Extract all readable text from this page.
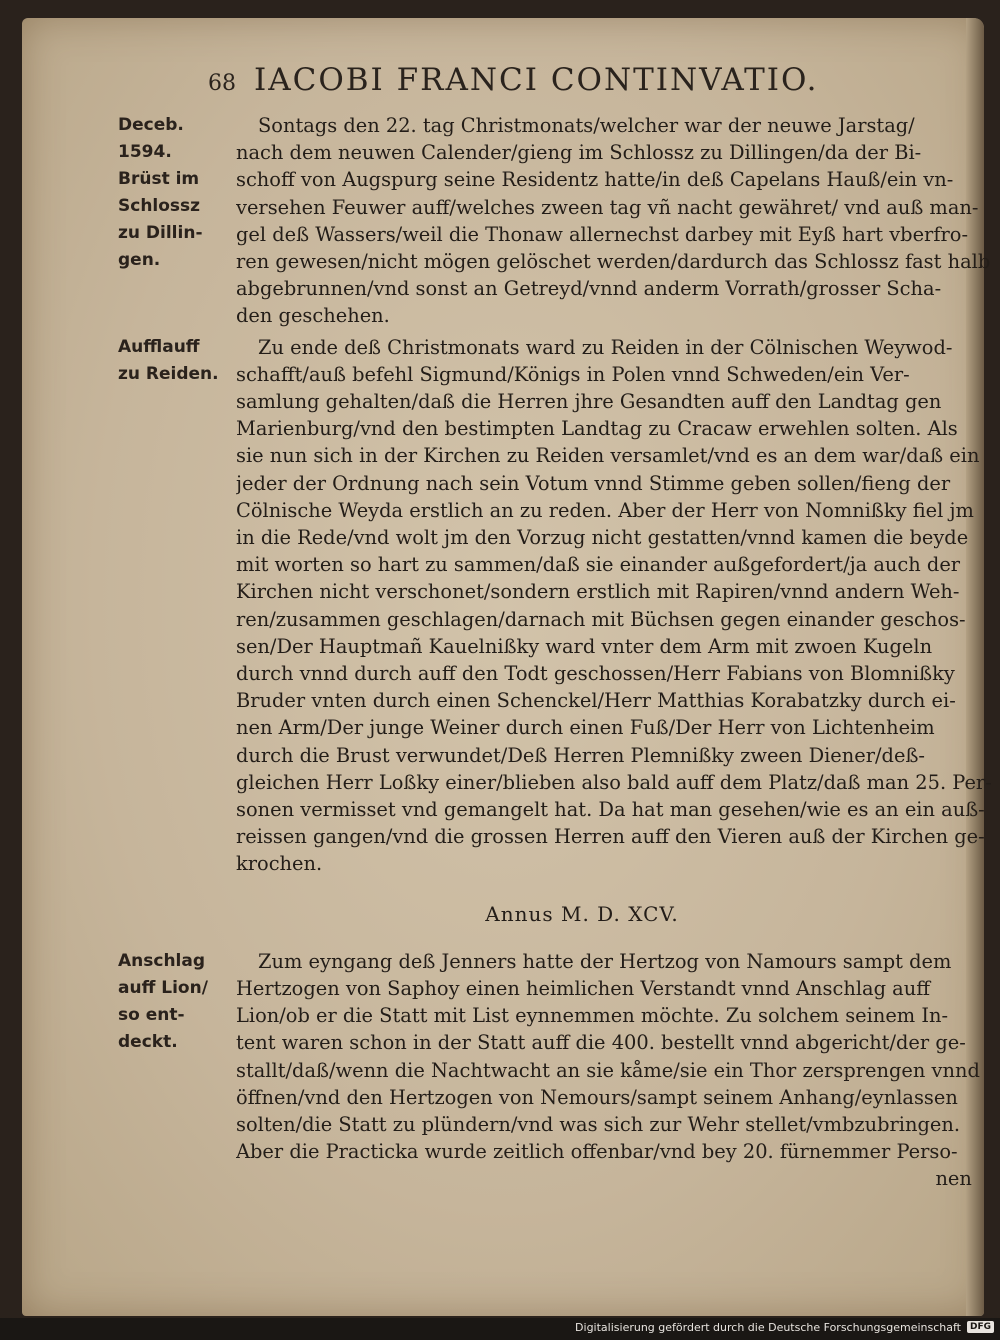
68 IACOBI FRANCI CONTINVATIO.
Deceb.
1594.
Brüst im
Schlossz
zu Dillin-
gen.
Sontags den 22. tag Christmonats/welcher war der neuwe Jarstag/
nach dem neuwen Calender/gieng im Schlossz zu Dillingen/da der Bi-
schoff von Augspurg seine Residentz hatte/in deß Capelans Hauß/ein vn-
versehen Feuwer auff/welches zween tag vñ nacht gewähret/ vnd auß man-
gel deß Wassers/weil die Thonaw allernechst darbey mit Eyß hart vberfro-
ren gewesen/nicht mögen gelöschet werden/dardurch das Schlossz fast halb
abgebrunnen/vnd sonst an Getreyd/vnnd anderm Vorrath/grosser Scha-
den geschehen.
Aufflauff
zu Reiden.
Zu ende deß Christmonats ward zu Reiden in der Cölnischen Weywod-
schafft/auß befehl Sigmund/Königs in Polen vnnd Schweden/ein Ver-
samlung gehalten/daß die Herren jhre Gesandten auff den Landtag gen
Marienburg/vnd den bestimpten Landtag zu Cracaw erwehlen solten. Als
sie nun sich in der Kirchen zu Reiden versamlet/vnd es an dem war/daß ein
jeder der Ordnung nach sein Votum vnnd Stimme geben sollen/fieng der
Cölnische Weyda erstlich an zu reden. Aber der Herr von Nomnißky fiel jm
in die Rede/vnd wolt jm den Vorzug nicht gestatten/vnnd kamen die beyde
mit worten so hart zu sammen/daß sie einander außgefordert/ja auch der
Kirchen nicht verschonet/sondern erstlich mit Rapiren/vnnd andern Weh-
ren/zusammen geschlagen/darnach mit Büchsen gegen einander geschos-
sen/Der Hauptmañ Kauelnißky ward vnter dem Arm mit zwoen Kugeln
durch vnnd durch auff den Todt geschossen/Herr Fabians von Blomnißky
Bruder vnten durch einen Schenckel/Herr Matthias Korabatzky durch ei-
nen Arm/Der junge Weiner durch einen Fuß/Der Herr von Lichtenheim
durch die Brust verwundet/Deß Herren Plemnißky zween Diener/deß-
gleichen Herr Loßky einer/blieben also bald auff dem Platz/daß man 25. Per-
sonen vermisset vnd gemangelt hat. Da hat man gesehen/wie es an ein auß-
reissen gangen/vnd die grossen Herren auff den Vieren auß der Kirchen ge-
krochen.
Annus M. D. XCV.
Anschlag
auff Lion/
so ent-
deckt.
Zum eyngang deß Jenners hatte der Hertzog von Namours sampt dem
Hertzogen von Saphoy einen heimlichen Verstandt vnnd Anschlag auff
Lion/ob er die Statt mit List eynnemmen möchte. Zu solchem seinem In-
tent waren schon in der Statt auff die 400. bestellt vnnd abgericht/der ge-
stallt/daß/wenn die Nachtwacht an sie kåme/sie ein Thor zersprengen vnnd
öffnen/vnd den Hertzogen von Nemours/sampt seinem Anhang/eynlassen
solten/die Statt zu plündern/vnd was sich zur Wehr stellet/vmbzubringen.
Aber die Practicka wurde zeitlich offenbar/vnd bey 20. fürnemmer Perso-
nen
Digitalisierung gefördert durch die Deutsche Forschungsgemeinschaft	DFG
